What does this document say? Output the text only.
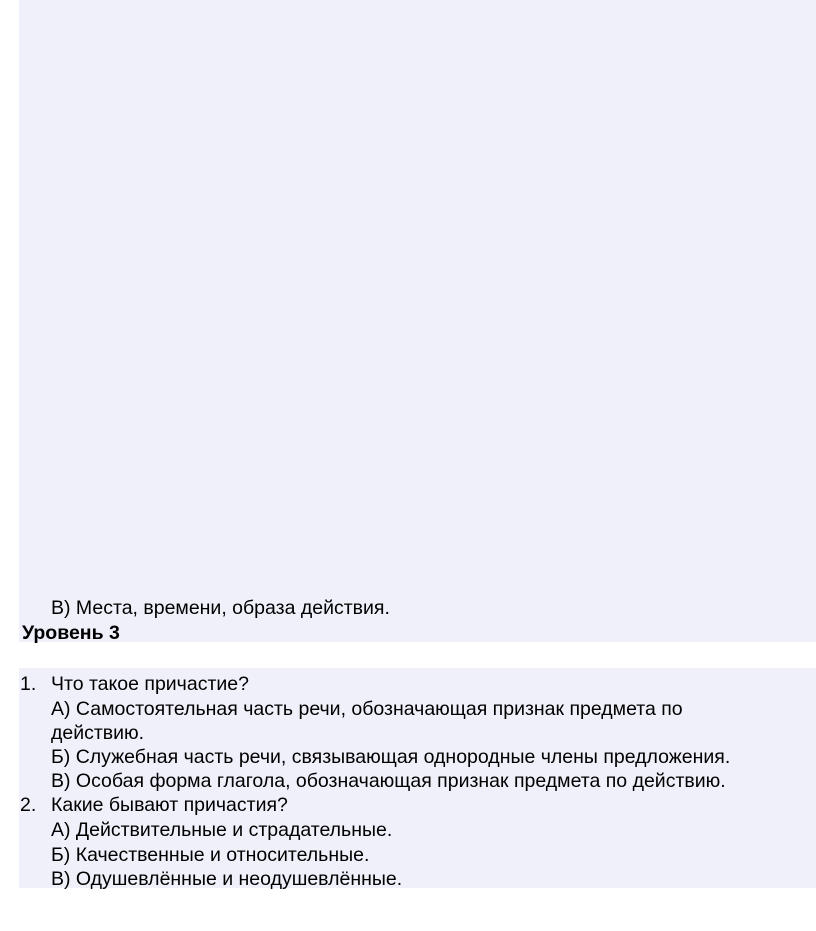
В) Места, времени, образа действия.
Уровень 3
1. Что такое причастие?
А) Самостоятельная часть речи, обозначающая признак предмета по
действию.
Б) Служебная часть речи, связывающая однородные члены предложения.
В) Особая форма глагола, обозначающая признак предмета по действию.
2. Какие бывают причастия?
А) Действительные и страдательные.
Б) Качественные и относительные.
В) Одушевлённые и неодушевлённые.
